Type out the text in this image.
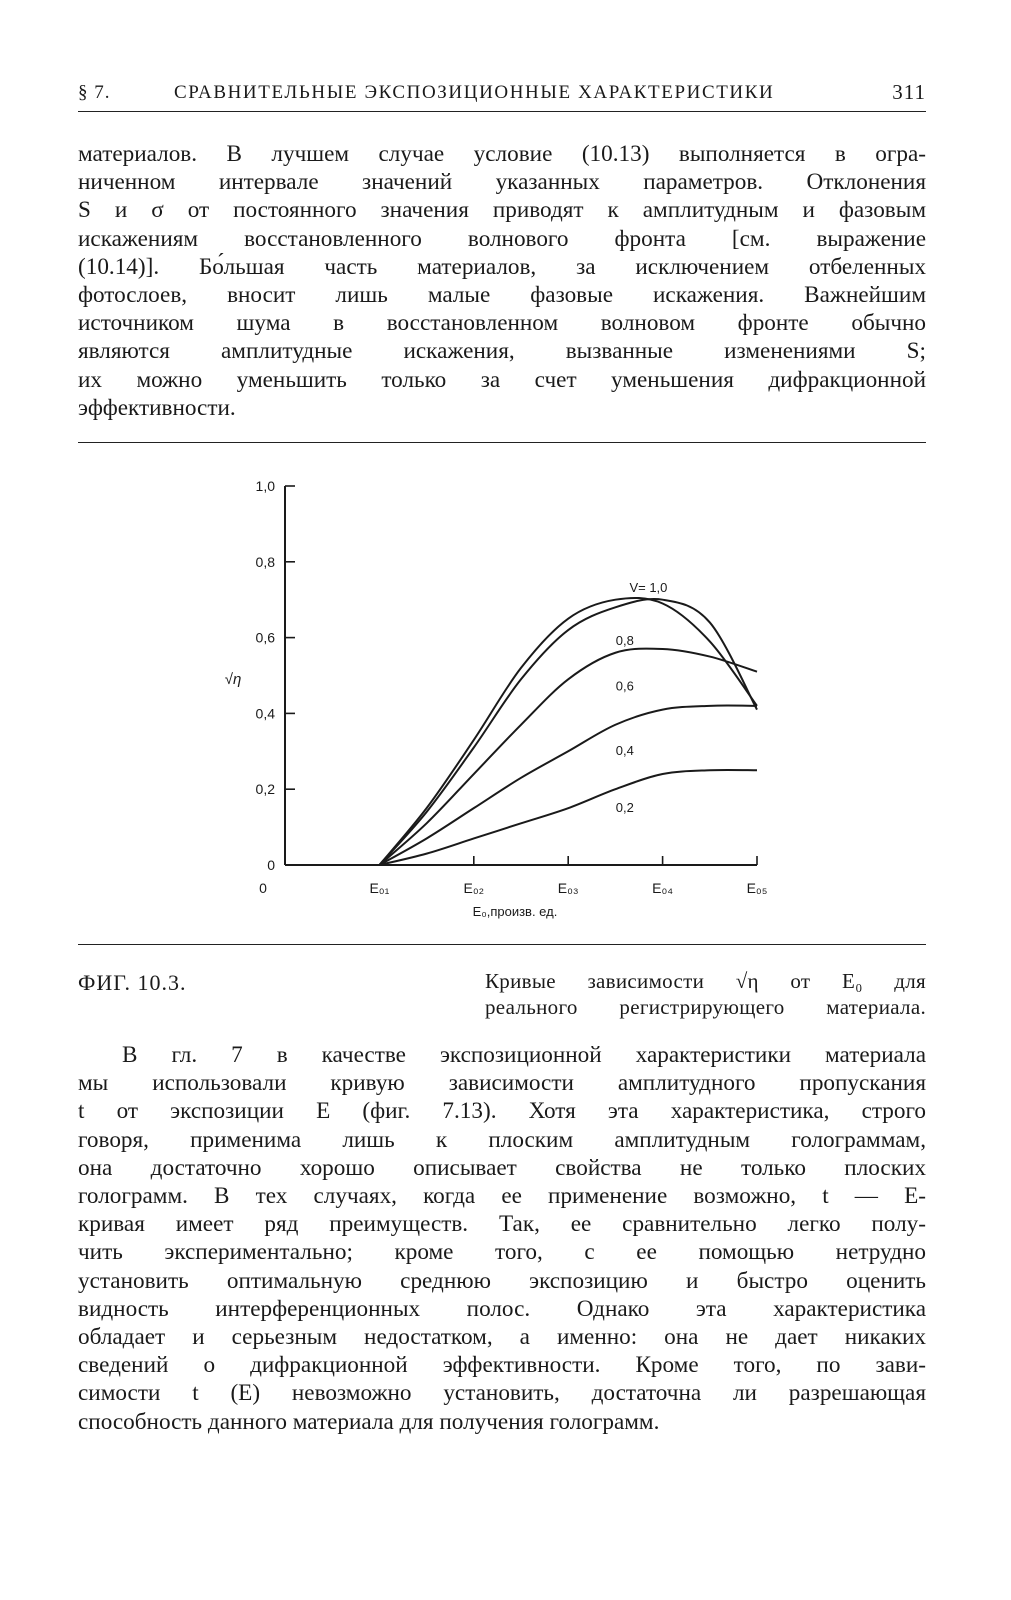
§ 7.	СРАВНИТЕЛЬНЫЕ ЭКСПОЗИЦИОННЫЕ ХАРАКТЕРИСТИКИ	311
материалов. В лучшем случае условие (10.13) выполняется в огра-
ниченном интервале значений указанных параметров. Отклонения
S и σ от постоянного значения приводят к амплитудным и фазовым
искажениям восстановленного волнового фронта [см. выражение
(10.14)]. Бо́льшая часть материалов, за исключением отбеленных
фотослоев, вносит лишь малые фазовые искажения. Важнейшим
источником шума в восстановленном волновом фронте обычно
являются амплитудные искажения, вызванные изменениями S;
их можно уменьшить только за счет уменьшения дифракционной
эффективности.
0
0,2
0,4
0,6
0,8
1,0
0	E₀₁	E₀₂	E₀₃	E₀₄	E₀₅
√η
E₀,произв. ед.
V= 1,0
0,8
0,6
0,4
0,2
ФИГ. 10.3.	Кривые зависимости √η от E₀ для
реального регистрирующего материала.
В гл. 7 в качестве экспозиционной характеристики материала
мы использовали кривую зависимости амплитудного пропускания
t от экспозиции E (фиг. 7.13). Хотя эта характеристика, строго
говоря, применима лишь к плоским амплитудным голограммам,
она достаточно хорошо описывает свойства не только плоских
голограмм. В тех случаях, когда ее применение возможно, t — E-
кривая имеет ряд преимуществ. Так, ее сравнительно легко полу-
чить экспериментально; кроме того, с ее помощью нетрудно
установить оптимальную среднюю экспозицию и быстро оценить
видность интерференционных полос. Однако эта характеристика
обладает и серьезным недостатком, а именно: она не дает никаких
сведений о дифракционной эффективности. Кроме того, по зави-
симости t (E) невозможно установить, достаточна ли разрешающая
способность данного материала для получения голограмм.
